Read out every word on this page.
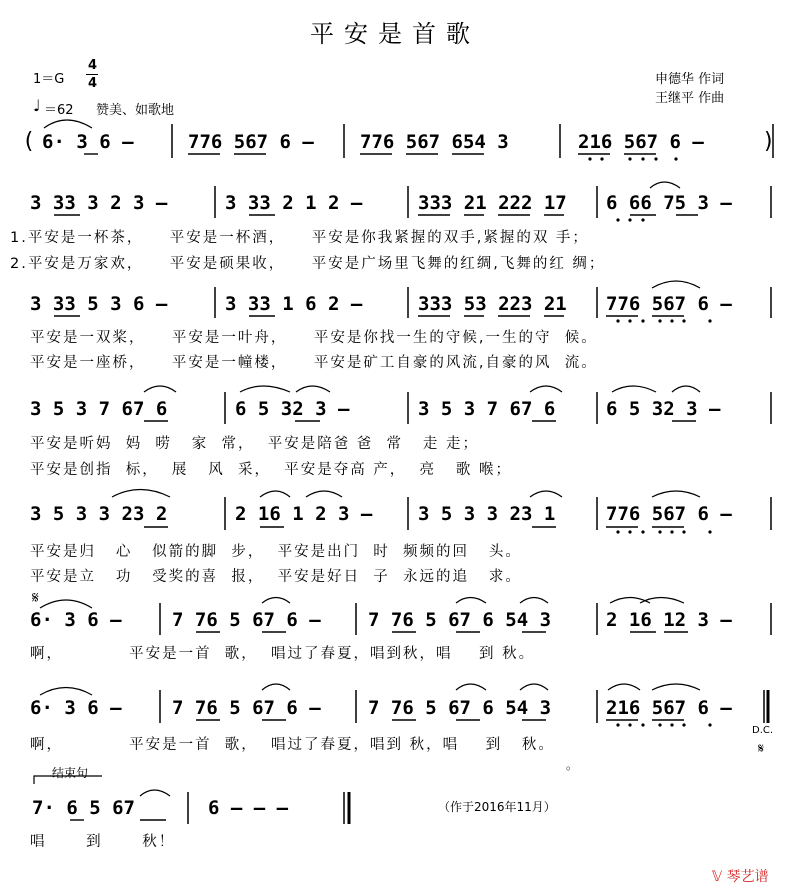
平安是首歌
1＝G
4
4
♩ ＝62 赞美、如歌地
申德华 作词
王继平 作曲
( 6· 3 6 –	776 567 6 – 776 567 654 3	216 567 6 –	)
3 33 3 2 3 –	3 33 2 1 2 –	333 21 222 17 6 66 75 3 –
1.平安是一杯茶，    平安是一杯酒，    平安是你我紧握的双手,紧握的双 手；
2.平安是万家欢，    平安是硕果收，    平安是广场里飞舞的红绸,飞舞的红 绸；
3 33 5 3 6 –	3 33 1 6 2 –	333 53 223 21 776 567 6 –
平安是一双桨，    平安是一叶舟，    平安是你找一生的守候,一生的守  候。
平安是一座桥，    平安是一幢楼，    平安是矿工自豪的风流,自豪的风  流。
3 5 3 7 67 6	6 5 32 3 –	3 5 3 7 67 6	6 5 32 3 –
平安是听妈  妈  唠   家  常，  平安是陪爸 爸  常   走 走；
平安是创指  标，  展   风  采，  平安是夺高 产，  亮   歌 喉；
3 5 3 3 23 2	2 16 1 2 3 – 3 5 3 3 23 1	776 567 6 –
平安是归   心   似箭的脚  步，  平安是出门  时  频频的回   头。
平安是立   功   受奖的喜  报，  平安是好日  子  永远的追   求。
𝄋
6· 3 6 –	7 76 5 67 6 – 7 76 5 67 6 54 3	2 16 12 3 –
啊，          平安是一首  歌，  唱过了春夏，唱到秋，唱    到 秋。
6· 3 6 –	7 76 5 67 6 – 7 76 5 67 6 54 3	216 567 6 –
啊，          平安是一首  歌，  唱过了春夏，唱到 秋，唱    到   秋。
D.C.
𝄋
。
结束句
7· 6 5 67	6 – – –
唱      到      秋！
（作于2016年11月）
𝕍 琴艺谱
